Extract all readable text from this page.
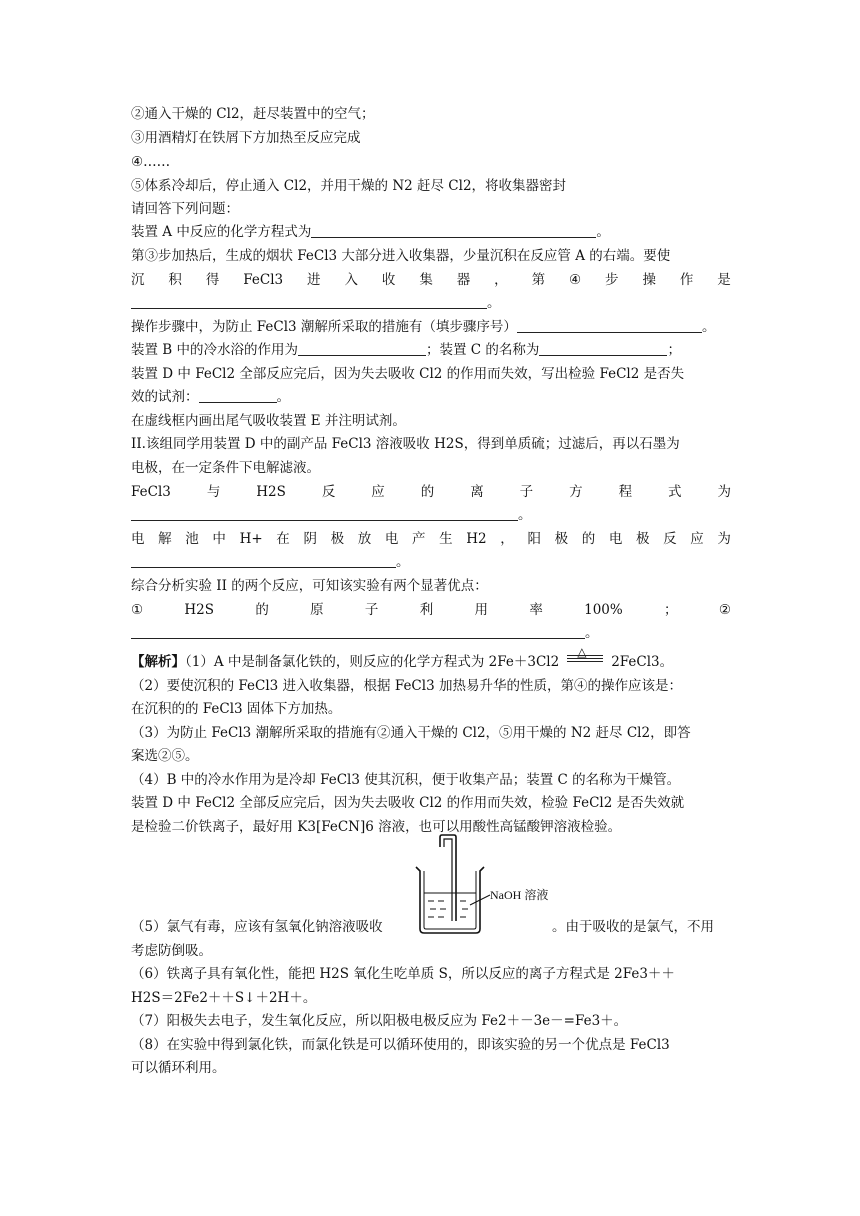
②通入干燥的 Cl2，赶尽装置中的空气；
③用酒精灯在铁屑下方加热至反应完成
④……
⑤体系冷却后，停止通入 Cl2，并用干燥的 N2 赶尽 Cl2，将收集器密封
请回答下列问题：
装置 A 中反应的化学方程式为	。
第③步加热后，生成的烟状 FeCl3 大部分进入收集器，少量沉积在反应管 A 的右端。要使
沉 积 得 FeCl3 进 入 收 集 器 ， 第 ④ 步 操 作 是
。
操作步骤中，为防止 FeCl3 潮解所采取的措施有（填步骤序号）	。
装置 B 中的冷水浴的作用为	；装置 C 的名称为	；
装置 D 中 FeCl2 全部反应完后，因为失去吸收 Cl2 的作用而失效，写出检验 FeCl2 是否失
效的试剂：	。
在虚线框内画出尾气吸收装置 E 并注明试剂。
II.该组同学用装置 D 中的副产品 FeCl3 溶液吸收 H2S，得到单质硫；过滤后，再以石墨为
电极，在一定条件下电解滤液。
FeCl3	与	H2S	反	应	的	离	子	方	程	式	为
。
电 解 池 中 H+ 在 阴 极 放 电 产 生 H2 ， 阳 极 的 电 极 反 应 为
。
综合分析实验 II 的两个反应，可知该实验有两个显著优点：
①	H2S	的	原	子	利	用	率	100%	；	②
。
【解析】（1）A 中是制备氯化铁的，则反应的化学方程式为 2Fe＋3Cl2
△
2FeCl3。
（2）要使沉积的 FeCl3 进入收集器，根据 FeCl3 加热易升华的性质，第④的操作应该是：
在沉积的的 FeCl3 固体下方加热。
（3）为防止 FeCl3 潮解所采取的措施有②通入干燥的 Cl2，⑤用干燥的 N2 赶尽 Cl2，即答
案选②⑤。
（4）B 中的冷水作用为是冷却 FeCl3 使其沉积，便于收集产品；装置 C 的名称为干燥管。
装置 D 中 FeCl2 全部反应完后，因为失去吸收 Cl2 的作用而失效，检验 FeCl2 是否失效就
是检验二价铁离子，最好用 K3[FeCN]6 溶液，也可以用酸性高锰酸钾溶液检验。
（5）氯气有毒，应该有氢氧化钠溶液吸收	。由于吸收的是氯气，不用
考虑防倒吸。
（6）铁离子具有氧化性，能把 H2S 氧化生吃单质 S，所以反应的离子方程式是 2Fe3＋＋
H2S＝2Fe2＋＋S↓＋2H＋。
（7）阳极失去电子，发生氧化反应，所以阳极电极反应为 Fe2＋－3e－=Fe3＋。
（8）在实验中得到氯化铁，而氯化铁是可以循环使用的，即该实验的另一个优点是 FeCl3
可以循环利用。
NaOH 溶液
